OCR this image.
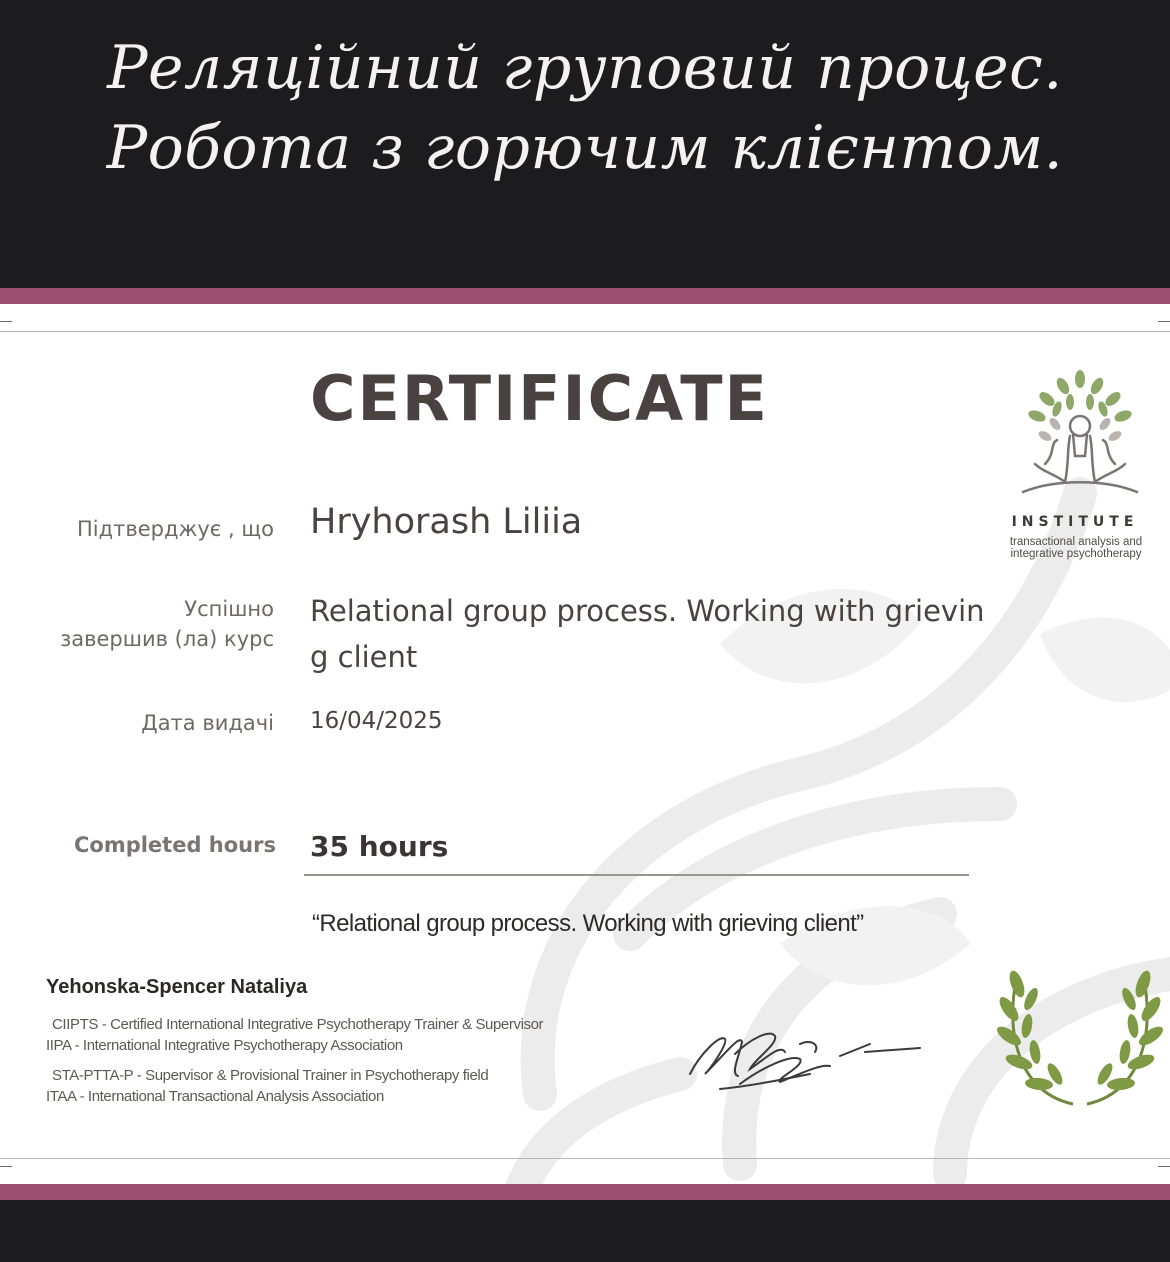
Реляційний груповий процес.
Робота з горючим клієнтом.
CERTIFICATE
Підтверджує , що Hryhorash Liliia
Успішно
завершив (ла) курс
Relational group process. Working with grievin
g client
Дата видачі 16/04/2025
Completed hours 35 hours
“Relational group process. Working with grieving client”
Yehonska-Spencer Nataliya
CIIPTS - Certified International Integrative Psychotherapy Trainer & Supervisor
IIPA - International Integrative Psychotherapy Association
STA-PTTA-P - Supervisor & Provisional Trainer in Psychotherapy field
ITAA - International Transactional Analysis Association
INSTITUTE
transactional analysis and
integrative psychotherapy
